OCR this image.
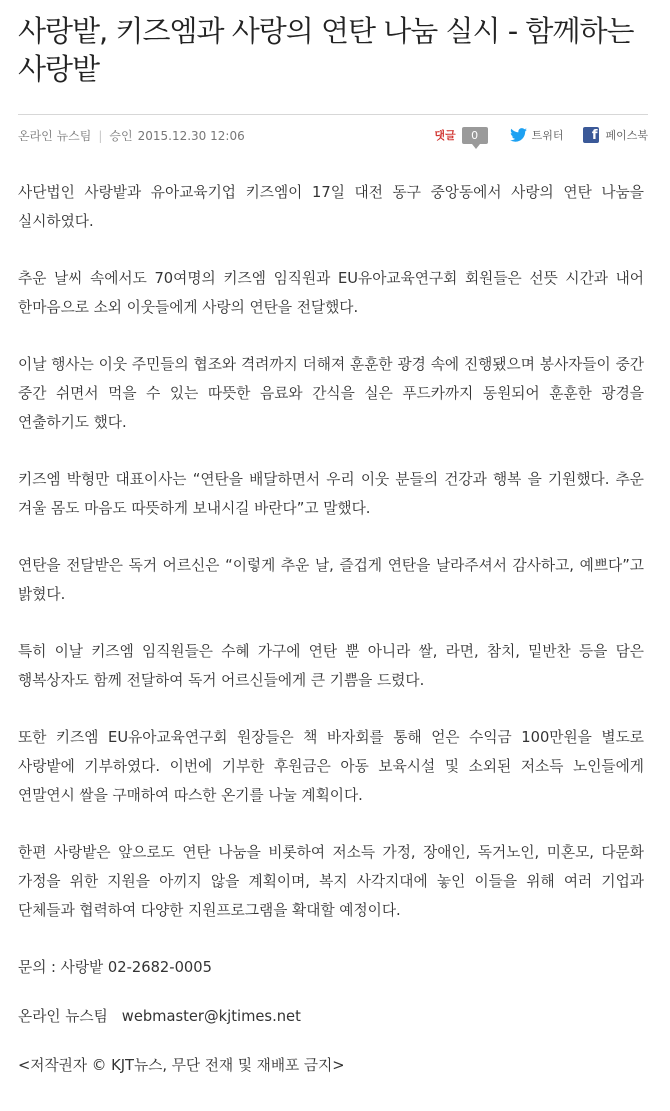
사랑밭, 키즈엠과 사랑의 연탄 나눔 실시 - 함께하는 사랑밭
온라인 뉴스팀 | 승인 2015.12.30 12:06	댓글	0	트위터	f 페이스북

사단법인 사랑밭과 유아교육기업 키즈엠이 17일 대전 동구 중앙동에서 사랑의 연탄 나눔을 실시하였다.

추운 날씨 속에서도 70여명의 키즈엠 임직원과 EU유아교육연구회 회원들은 선뜻 시간과 내어 한마음으로 소외 이웃들에게 사랑의 연탄을 전달했다.

이날 행사는 이웃 주민들의 협조와 격려까지 더해져 훈훈한 광경 속에 진행됐으며 봉사자들이 중간 중간 쉬면서 먹을 수 있는 따뜻한 음료와 간식을 실은 푸드카까지 동원되어 훈훈한 광경을 연출하기도 했다.

키즈엠 박형만 대표이사는 “연탄을 배달하면서 우리 이웃 분들의 건강과 행복 을 기원했다. 추운 겨울 몸도 마음도 따뜻하게 보내시길 바란다”고 말했다.

연탄을 전달받은 독거 어르신은 “이렇게 추운 날, 즐겁게 연탄을 날라주셔서 감사하고, 예쁘다”고 밝혔다.

특히 이날 키즈엠 임직원들은 수혜 가구에 연탄 뿐 아니라 쌀, 라면, 참치, 밑반찬 등을 담은 행복상자도 함께 전달하여 독거 어르신들에게 큰 기쁨을 드렸다.

또한 키즈엠 EU유아교육연구회 원장들은 책 바자회를 통해 얻은 수익금 100만원을 별도로 사랑밭에 기부하였다. 이번에 기부한 후원금은 아동 보육시설 및 소외된 저소득 노인들에게 연말연시 쌀을 구매하여 따스한 온기를 나눌 계획이다.

한편 사랑밭은 앞으로도 연탄 나눔을 비롯하여 저소득 가정, 장애인, 독거노인, 미혼모, 다문화 가정을 위한 지원을 아끼지 않을 계획이며, 복지 사각지대에 놓인 이들을 위해 여러 기업과 단체들과 협력하여 다양한 지원프로그램을 확대할 예정이다.

문의 : 사랑밭 02-2682-0005

온라인 뉴스팀   webmaster@kjtimes.net

<저작권자 © KJT뉴스, 무단 전재 및 재배포 금지>
